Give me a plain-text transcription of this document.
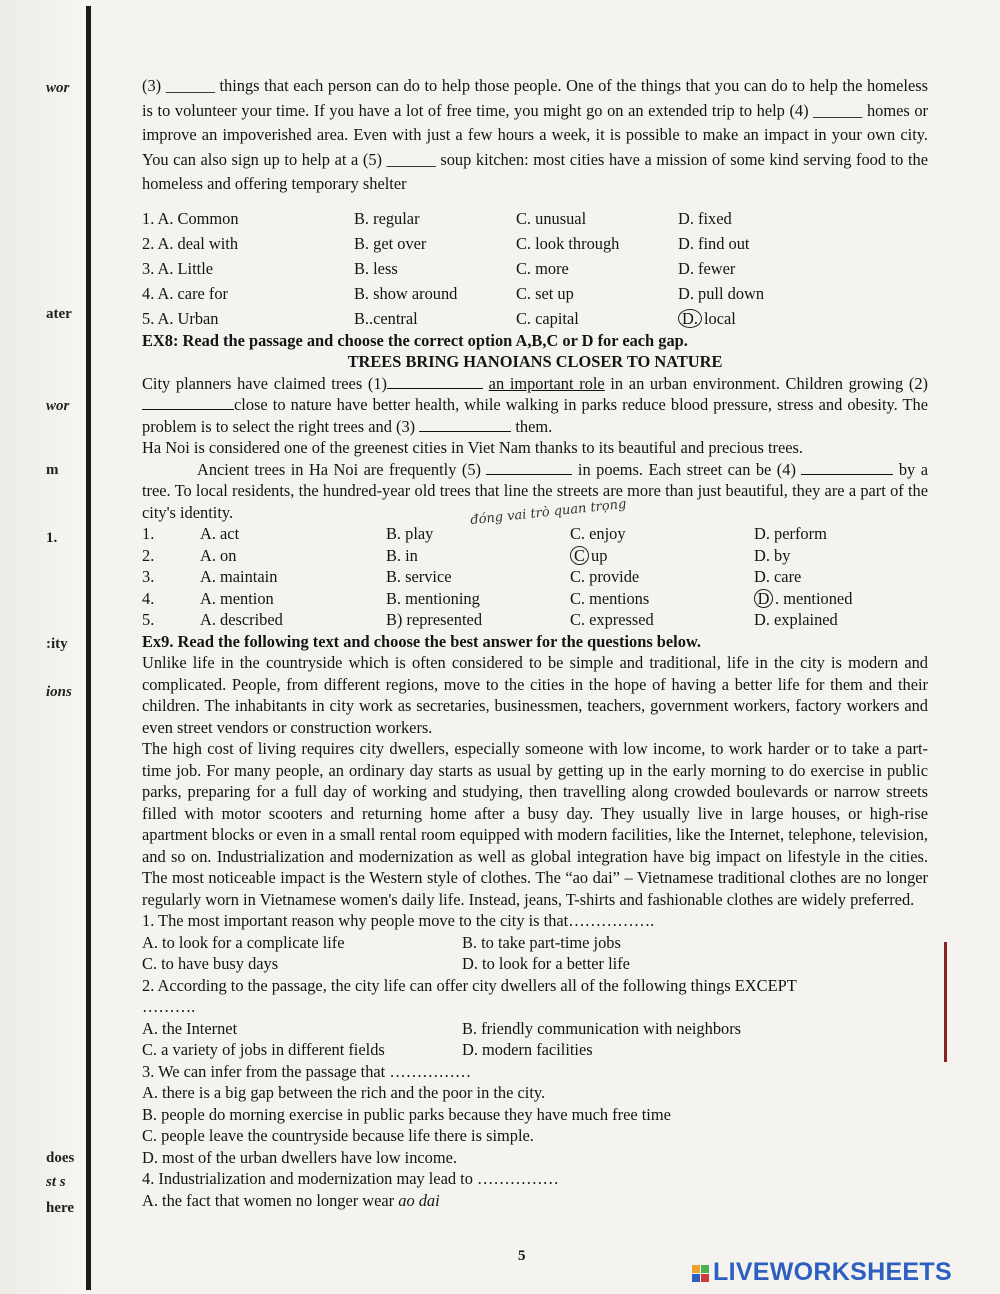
wor
ater
wor
m
1.
:ity
ions
does
st s
here
đóng vai trò quan trọng

(3) ______ things that each person can do to help those people. One of the things that you can do to help the homeless is to volunteer your time. If you have a lot of free time, you might go on an extended trip to help (4) ______ homes or improve an impoverished area. Even with just a few hours a week, it is possible to make an impact in your own city. You can also sign up to help at a (5) ______ soup kitchen: most cities have a mission of some kind serving food to the homeless and offering temporary shelter

1. A. Common	B. regular	C. unusual	D. fixed
2. A. deal with	B. get over	C. look through	D. find out
3. A. Little	B. less	C. more	D. fewer
4. A. care for	B. show around	C. set up	D. pull down
5. A. Urban	B..central	C. capital	D. local

EX8: Read the passage and choose the correct option A,B,C or D for each gap.

TREES BRING HANOIANS CLOSER TO NATURE

City planners have claimed trees (1)	an important role in an urban environment. Children growing (2) close to nature have better health, while walking in parks reduce blood pressure, stress and obesity. The problem is to select the right trees and (3)	them.

Ha Noi is considered one of the greenest cities in Viet Nam thanks to its beautiful and precious trees.

Ancient trees in Ha Noi are frequently (5)	in poems. Each street can be (4)	by a tree. To local residents, the hundred-year old trees that line the streets are more than just beautiful, they are a part of the city's identity.

1.	A. act	B. play	C. enjoy	D. perform
2.	A. on	B. in	C up	D. by
3.	A. maintain	B. service	C. provide	D. care
4.	A. mention	B. mentioning	C. mentions	D . mentioned
5.	A. described	B) represented	C. expressed	D. explained

Ex9. Read the following text and choose the best answer for the questions below.

Unlike life in the countryside which is often considered to be simple and traditional, life in the city is modern and complicated. People, from different regions, move to the cities in the hope of having a better life for them and their children. The inhabitants in city work as secretaries, businessmen, teachers, government workers, factory workers and even street vendors or construction workers.

The high cost of living requires city dwellers, especially someone with low income, to work harder or to take a part-time job. For many people, an ordinary day starts as usual by getting up in the early morning to do exercise in public parks, preparing for a full day of working and studying, then travelling along crowded boulevards or narrow streets filled with motor scooters and returning home after a busy day. They usually live in large houses, or high-rise apartment blocks or even in a small rental room equipped with modern facilities, like the Internet, telephone, television, and so on. Industrialization and modernization as well as global integration have big impact on lifestyle in the cities. The most noticeable impact is the Western style of clothes. The “ao dai” – Vietnamese traditional clothes are no longer regularly worn in Vietnamese women's daily life. Instead, jeans, T-shirts and fashionable clothes are widely preferred.

1. The most important reason why people move to the city is that…………….

A. to look for a complicate life	B. to take part-time jobs
C. to have busy days	D. to look for a better life

2. According to the passage, the city life can offer city dwellers all of the following things EXCEPT

……….

A. the Internet	B. friendly communication with neighbors
C. a variety of jobs in different fields	D. modern facilities

3. We can infer from the passage that ……………

A. there is a big gap between the rich and the poor in the city.

B. people do morning exercise in public parks because they have much free time

C. people leave the countryside because life there is simple.

D. most of the urban dwellers have low income.

4. Industrialization and modernization may lead to ……………

A. the fact that women no longer wear ao dai

5
LIVEWORKSHEETS
